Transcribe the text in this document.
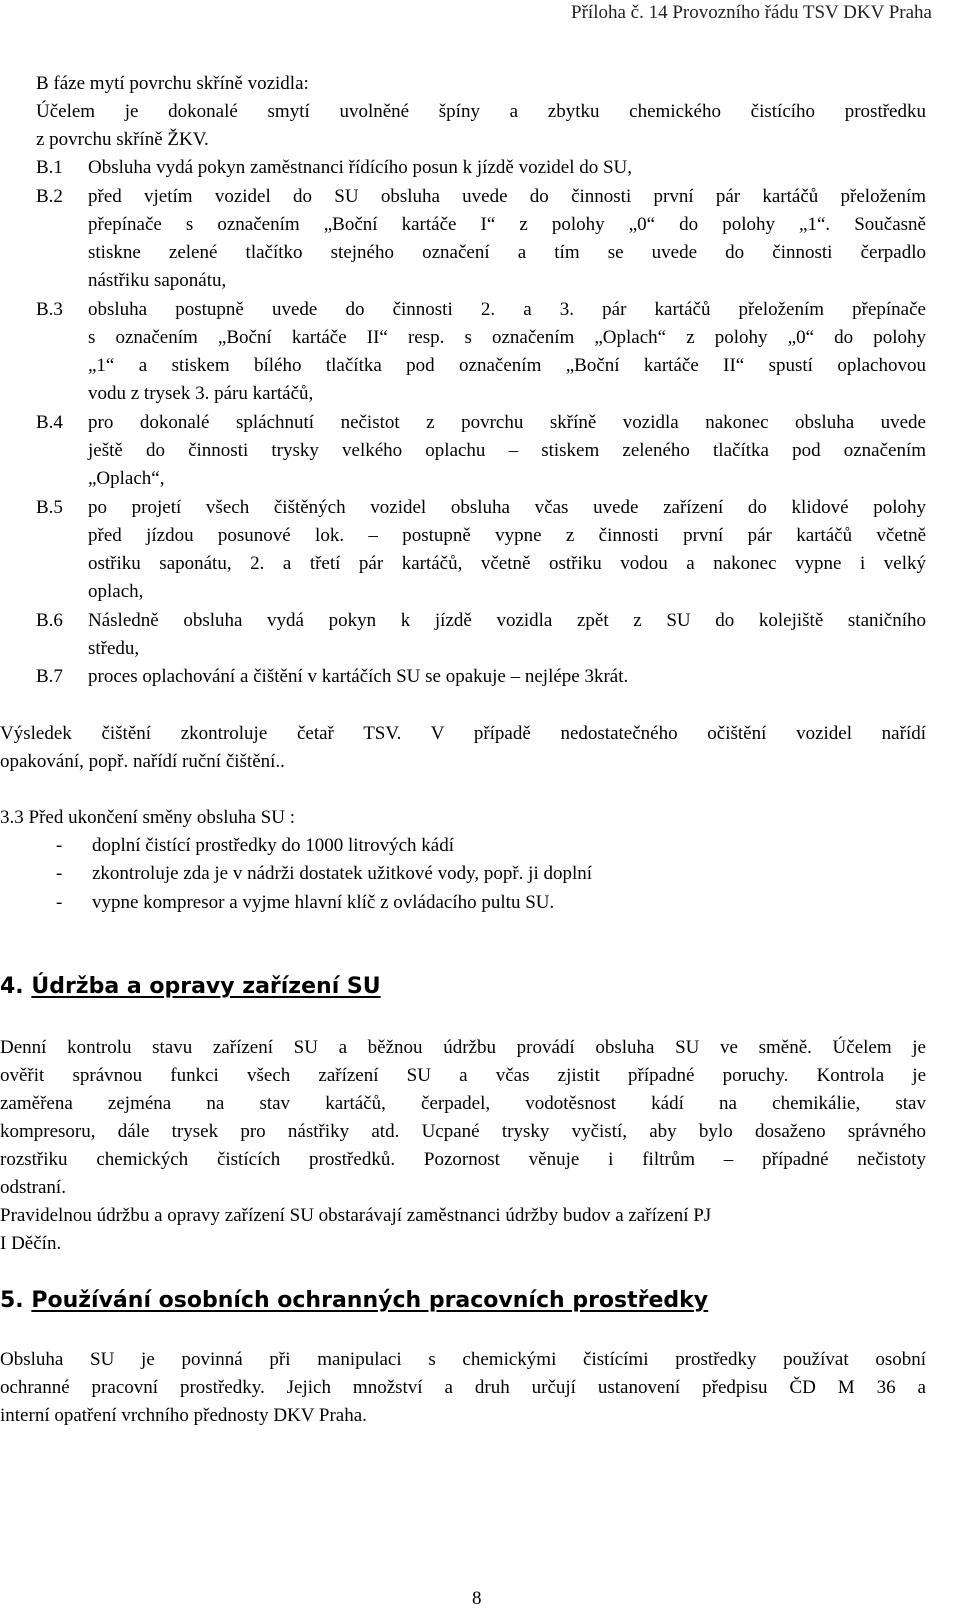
Příloha č. 14 Provozního řádu TSV DKV Praha
B fáze mytí povrchu skříně vozidla:
Účelem je dokonalé smytí uvolněné špíny a zbytku chemického čistícího prostředku
z povrchu skříně ŽKV.
B.1 Obsluha vydá pokyn zaměstnanci řídícího posun k jízdě vozidel do SU,
B.2 před vjetím vozidel do SU obsluha uvede do činnosti první pár kartáčů přeložením
přepínače s označením „Boční kartáče I“ z polohy „0“ do polohy „1“. Současně
stiskne zelené tlačítko stejného označení a tím se uvede do činnosti čerpadlo
nástřiku saponátu,
B.3 obsluha postupně uvede do činnosti 2. a 3. pár kartáčů přeložením přepínače
s označením „Boční kartáče II“ resp. s označením „Oplach“ z polohy „0“ do polohy
„1“ a stiskem bílého tlačítka pod označením „Boční kartáče II“ spustí oplachovou
vodu z trysek 3. páru kartáčů,
B.4 pro dokonalé spláchnutí nečistot z povrchu skříně vozidla nakonec obsluha uvede
ještě do činnosti trysky velkého oplachu – stiskem zeleného tlačítka pod označením
„Oplach“,
B.5 po projetí všech čištěných vozidel obsluha včas uvede zařízení do klidové polohy
před jízdou posunové lok. – postupně vypne z činnosti první pár kartáčů včetně
ostřiku saponátu, 2. a třetí pár kartáčů, včetně ostřiku vodou a nakonec vypne i velký
oplach,
B.6 Následně obsluha vydá pokyn k jízdě vozidla zpět z SU do kolejiště staničního
středu,
B.7 proces oplachování a čištění v kartáčích SU se opakuje – nejlépe 3krát.
Výsledek čištění zkontroluje četař TSV. V případě nedostatečného očištění vozidel nařídí
opakování, popř. nařídí ruční čištění..
3.3 Před ukončení směny obsluha SU :
- doplní čistící prostředky do 1000 litrových kádí
- zkontroluje zda je v nádrži dostatek užitkové vody, popř. ji doplní
- vypne kompresor a vyjme hlavní klíč z ovládacího pultu SU.
4. Údržba a opravy zařízení SU
Denní kontrolu stavu zařízení SU a běžnou údržbu provádí obsluha SU ve směně. Účelem je
ověřit správnou funkci všech zařízení SU a včas zjistit případné poruchy. Kontrola je
zaměřena zejména na stav kartáčů, čerpadel, vodotěsnost kádí na chemikálie, stav
kompresoru, dále trysek pro nástřiky atd. Ucpané trysky vyčistí, aby bylo dosaženo správného
rozstřiku chemických čistících prostředků. Pozornost věnuje i filtrům – případné nečistoty
odstraní.
Pravidelnou údržbu a opravy zařízení SU obstarávají zaměstnanci údržby budov a zařízení PJ
I Děčín.
5. Používání osobních ochranných pracovních prostředky
Obsluha SU je povinná při manipulaci s chemickými čistícími prostředky používat osobní
ochranné pracovní prostředky. Jejich množství a druh určují ustanovení předpisu ČD M 36 a
interní opatření vrchního přednosty DKV Praha.
8
